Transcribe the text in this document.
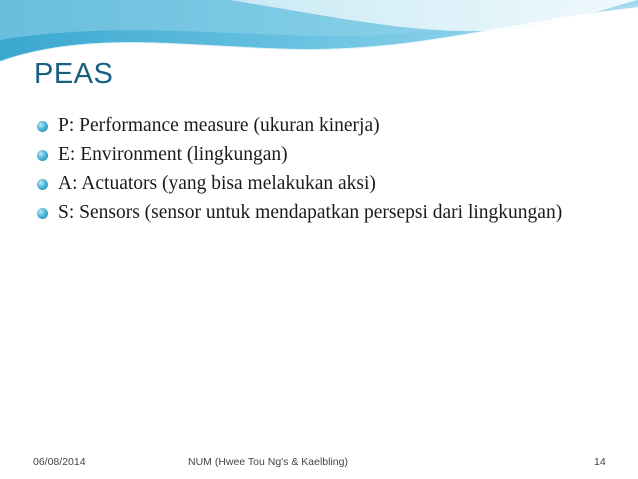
PEAS
P: Performance measure (ukuran kinerja)
E: Environment (lingkungan)
A: Actuators (yang bisa melakukan aksi)
S: Sensors (sensor untuk mendapatkan persepsi dari lingkungan)
06/08/2014	NUM (Hwee Tou Ng's & Kaelbling)	14
